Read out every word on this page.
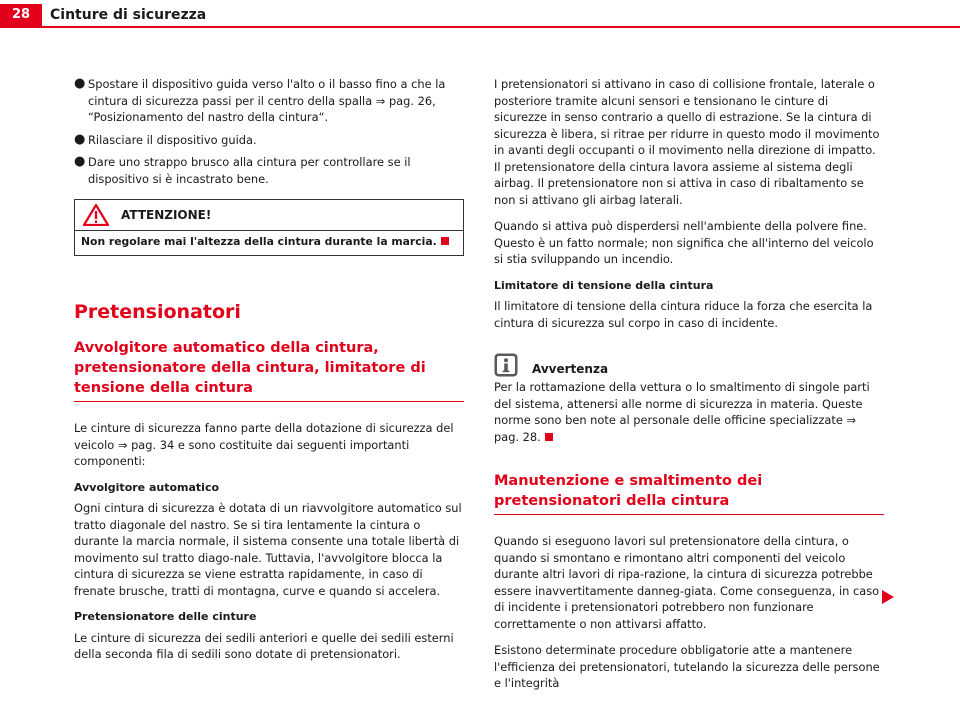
28	Cinture di sicurezza
● Spostare il dispositivo guida verso l'alto o il basso fino a che la cintura di sicurezza passi per il centro della spalla ⇒ pag. 26, “Posizionamento del nastro della cintura“.
● Rilasciare il dispositivo guida.
● Dare uno strappo brusco alla cintura per controllare se il dispositivo si è incastrato bene.
ATTENZIONE!
Non regolare mai l'altezza della cintura durante la marcia.
Pretensionatori
Avvolgitore automatico della cintura, pretensionatore della cintura, limitatore di tensione della cintura

Le cinture di sicurezza fanno parte della dotazione di sicurezza del veicolo ⇒ pag. 34 e sono costituite dai seguenti importanti componenti:

Avvolgitore automatico

Ogni cintura di sicurezza è dotata di un riavvolgitore automatico sul tratto diagonale del nastro. Se si tira lentamente la cintura o durante la marcia normale, il sistema consente una totale libertà di movimento sul tratto diago-nale. Tuttavia, l'avvolgitore blocca la cintura di sicurezza se viene estratta rapidamente, in caso di frenate brusche, tratti di montagna, curve e quando si accelera.

Pretensionatore delle cinture

Le cinture di sicurezza dei sedili anteriori e quelle dei sedili esterni della seconda fila di sedili sono dotate di pretensionatori.

I pretensionatori si attivano in caso di collisione frontale, laterale o posteriore tramite alcuni sensori e tensionano le cinture di sicurezze in senso contrario a quello di estrazione. Se la cintura di sicurezza è libera, si ritrae per ridurre in questo modo il movimento in avanti degli occupanti o il movimento nella direzione di impatto. Il pretensionatore della cintura lavora assieme al sistema degli airbag. Il pretensionatore non si attiva in caso di ribaltamento se non si attivano gli airbag laterali.

Quando si attiva può disperdersi nell'ambiente della polvere fine. Questo è un fatto normale; non significa che all'interno del veicolo si stia sviluppando un incendio.

Limitatore di tensione della cintura

Il limitatore di tensione della cintura riduce la forza che esercita la cintura di sicurezza sul corpo in caso di incidente.

Avvertenza

Per la rottamazione della vettura o lo smaltimento di singole parti del sistema, attenersi alle norme di sicurezza in materia. Queste norme sono ben note al personale delle officine specializzate ⇒ pag. 28.

Manutenzione e smaltimento dei pretensionatori della cintura

Quando si eseguono lavori sul pretensionatore della cintura, o quando si smontano e rimontano altri componenti del veicolo durante altri lavori di ripa-razione, la cintura di sicurezza potrebbe essere inavvertitamente danneg-giata. Come conseguenza, in caso di incidente i pretensionatori potrebbero non funzionare correttamente o non attivarsi affatto.

Esistono determinate procedure obbligatorie atte a mantenere l'efficienza dei pretensionatori, tutelando la sicurezza delle persone e l'integrità
